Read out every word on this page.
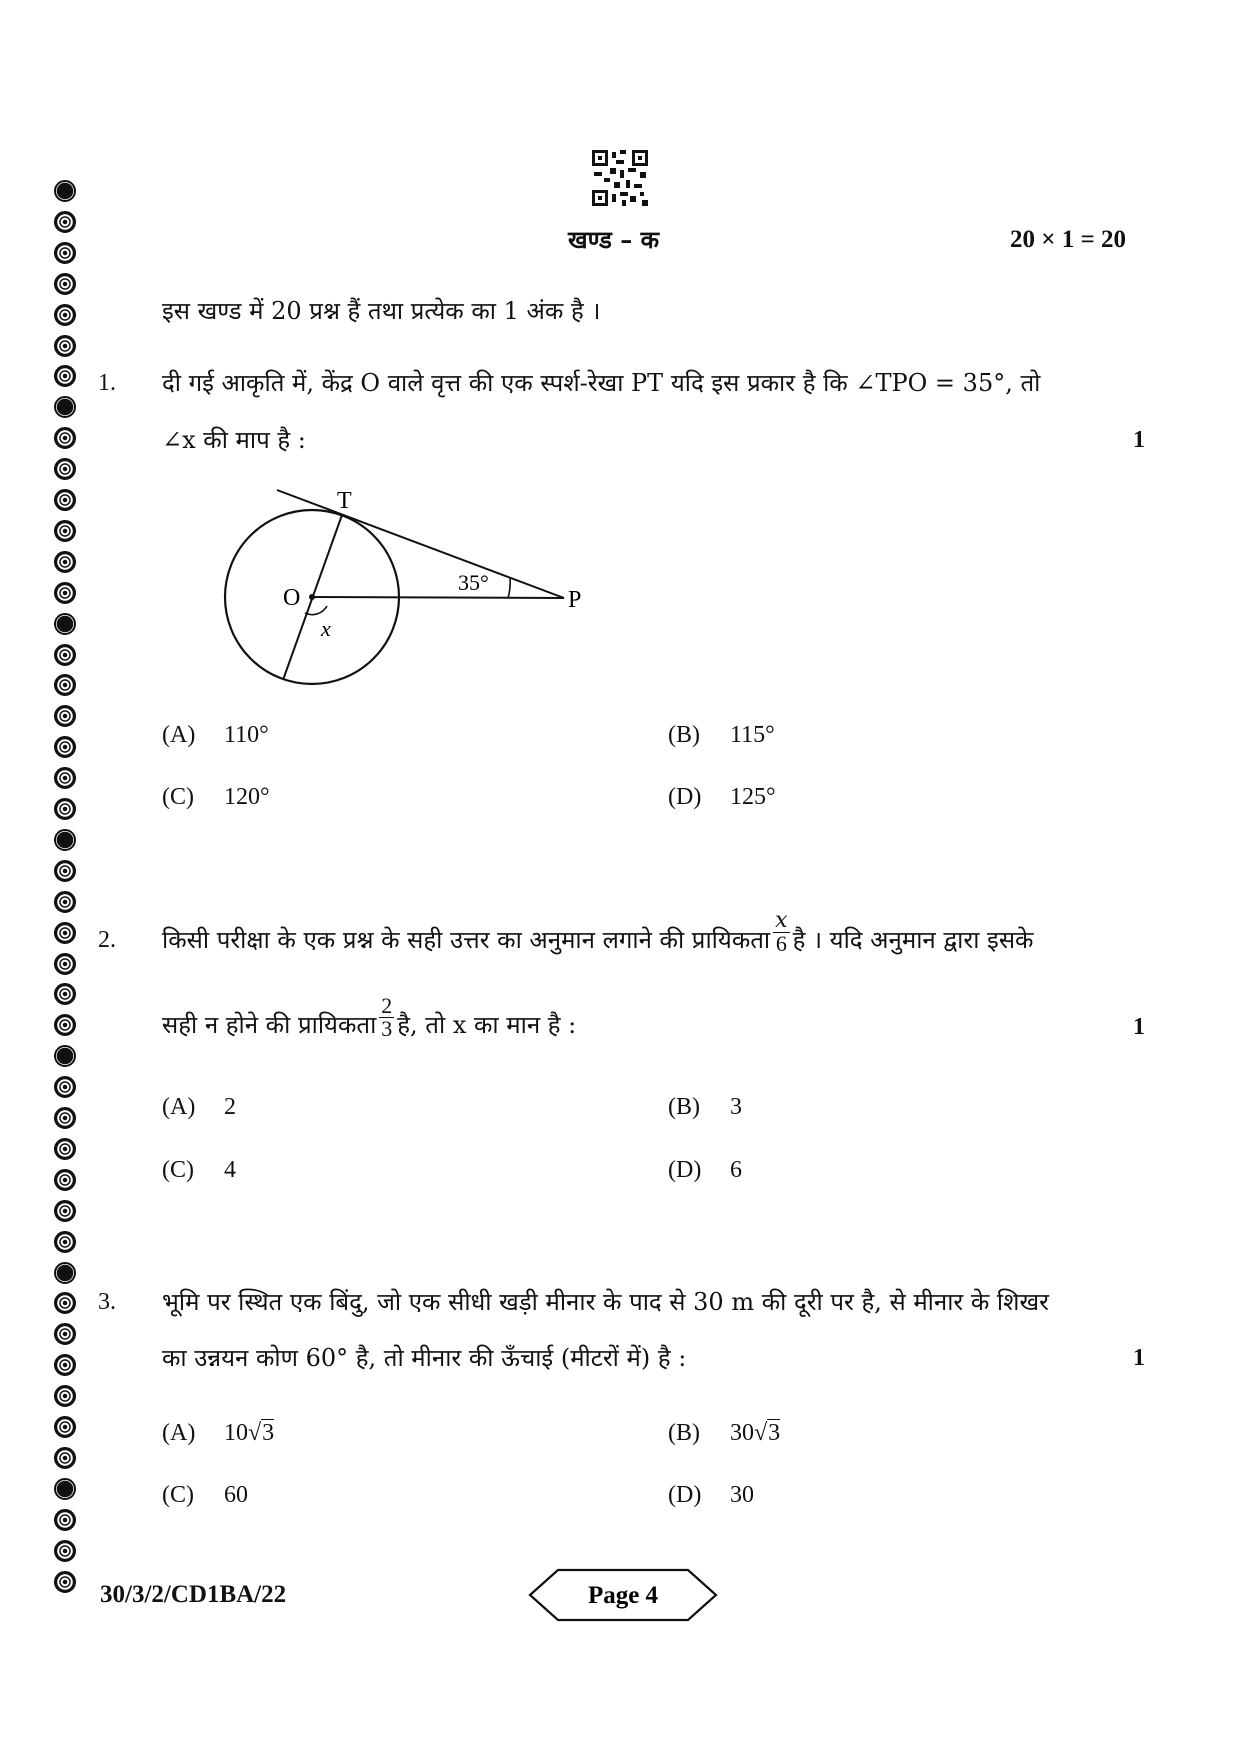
खण्ड – क	20 × 1 = 20
इस खण्ड में 20 प्रश्न हैं तथा प्रत्येक का 1 अंक है ।
1. दी गई आकृति में, केंद्र O वाले वृत्त की एक स्पर्श-रेखा PT यदि इस प्रकार है कि ∠TPO = 35°, तो
∠x की माप है :	1
T
O	P
x
35°
(A) 110°	(B) 115°
(C) 120°	(D) 125°
2. किसी परीक्षा के एक प्रश्न के सही उत्तर का अनुमान लगाने की प्रायिकता $\frac{x}{6}$ है । यदि अनुमान द्वारा इसके
सही न होने की प्रायिकता $\frac{2}{3}$ है, तो x का मान है :	1
(A) 2	(B) 3
(C) 4	(D) 6
3. भूमि पर स्थित एक बिंदु, जो एक सीधी खड़ी मीनार के पाद से 30 m की दूरी पर है, से मीनार के शिखर
का उन्नयन कोण 60° है, तो मीनार की ऊँचाई (मीटरों में) है :	1
(A) 10√3	(B) 30√3
(C) 60	(D) 30
30/3/2/CD1BA/22	Page 4
